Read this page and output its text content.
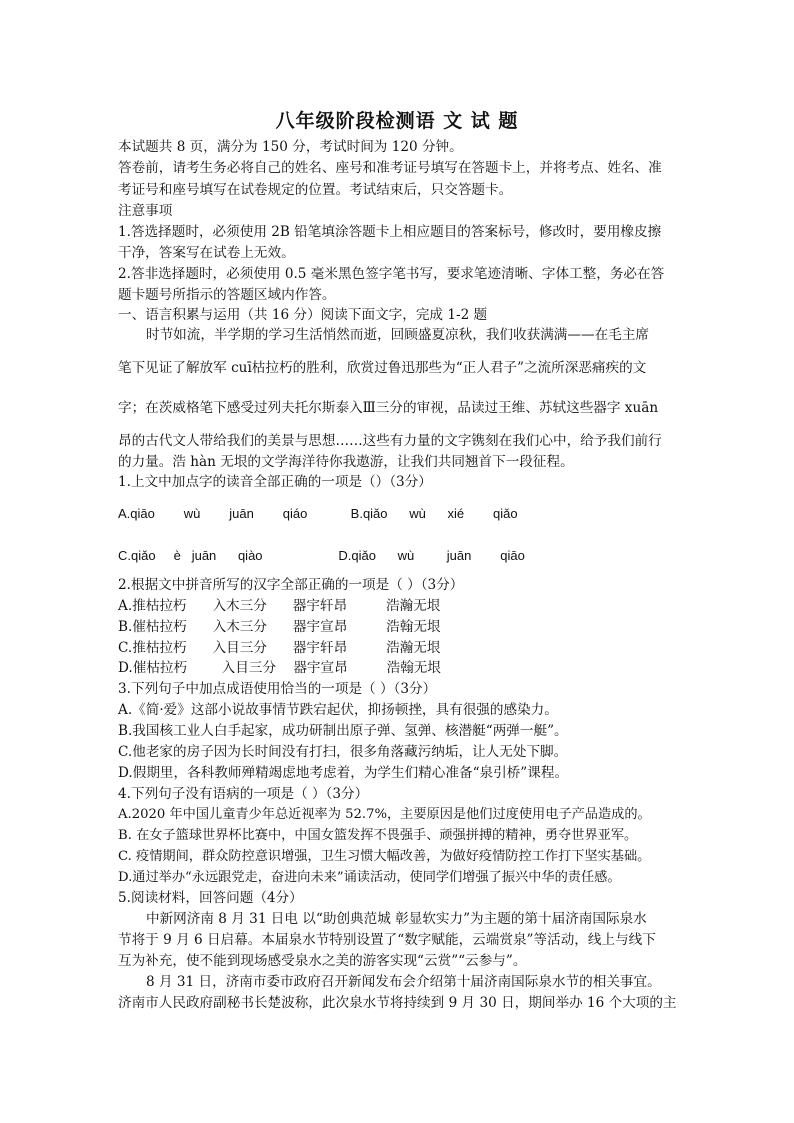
八年级阶段检测语 文 试 题

本试题共 8 页，满分为 150 分，考试时间为 120 分钟。

答卷前，请考生务必将自己的姓名、座号和准考证号填写在答题卡上，并将考点、姓名、准

考证号和座号填写在试卷规定的位置。考试结束后，只交答题卡。

注意事项

1.答选择题时，必须使用 2B 铅笔填涂答题卡上相应题目的答案标号，修改时，要用橡皮擦

干净，答案写在试卷上无效。

2.答非选择题时，必须使用 0.5 毫米黑色签字笔书写，要求笔迹清晰、字体工整，务必在答

题卡题号所指示的答题区域内作答。

一、语言积累与运用（共 16 分）阅读下面文字，完成 1-2 题

时节如流，半学期的学习生活悄然而逝，回顾盛夏凉秋，我们收获满满——在毛主席

笔下见证了解放军 cuī枯拉朽的胜利，欣赏过鲁迅那些为“正人君子”之流所深恶痛疾的文

字；在茨威格笔下感受过列夫托尔斯泰入Ⅲ三分的审视，品读过王维、苏轼这些器字 xuān

昂的古代文人带给我们的美景与思想……这些有力量的文字镌刻在我们心中，给予我们前行

的力量。浩 hàn 无垠的文学海洋待你我遨游，让我们共同翘首下一段征程。

1.上文中加点字的读音全部正确的一项是（）（3分）

A.qiāo        wù        juān        qiáo            B.qiǎo      wù      xié        qiǎo

C.qiǎo     è   juān      qiào                     D.qiǎo      wù         juān        qiāo

2.根据文中拼音所写的汉字全部正确的一项是（ ）（3分）

A.推枯拉朽      入木三分      器宇轩昂         浩瀚无垠

B.催枯拉朽      入木三分      器宇宣昂         浩翰无垠

C.推枯拉朽      入目三分      器宇轩昂         浩瀚无垠

D.催枯拉朽        入目三分    器宇宣昂         浩翰无垠

3.下列句子中加点成语使用恰当的一项是（ ）（3分）

A.《简·爱》这部小说故事情节跌宕起伏，抑扬顿挫，具有很强的感染力。

B.我国核工业人白手起家，成功研制出原子弹、氢弹、核潜艇“两弹一艇”。

C.他老家的房子因为长时间没有打扫，很多角落藏污纳垢，让人无处下脚。

D.假期里，各科教师殚精竭虑地考虑着，为学生们精心准备“泉引桥”课程。

4.下列句子没有语病的一项是（ ）（3分）

A.2020 年中国儿童青少年总近视率为 52.7%，主要原因是他们过度使用电子产品造成的。

B. 在女子篮球世界杯比赛中，中国女篮发挥不畏强手、顽强拼搏的精神，勇夺世界亚军。

C. 疫情期间，群众防控意识增强，卫生习惯大幅改善，为做好疫情防控工作打下坚实基础。

D.通过举办“永远跟党走，奋进向未来”诵读活动，使同学们增强了振兴中华的责任感。

5.阅读材料，回答问题（4分）

中新网济南 8 月 31 日电 以“助创典范城 彰显软实力”为主题的第十届济南国际泉水

节将于 9 月 6 日启幕。本届泉水节特别设置了“数字赋能，云端赏泉”等活动，线上与线下

互为补充，使不能到现场感受泉水之美的游客实现“云赏”“云参与”。

8 月 31 日，济南市委市政府召开新闻发布会介绍第十届济南国际泉水节的相关事宜。

济南市人民政府副秘书长楚波称，此次泉水节将持续到 9 月 30 日，期间举办 16 个大项的主
